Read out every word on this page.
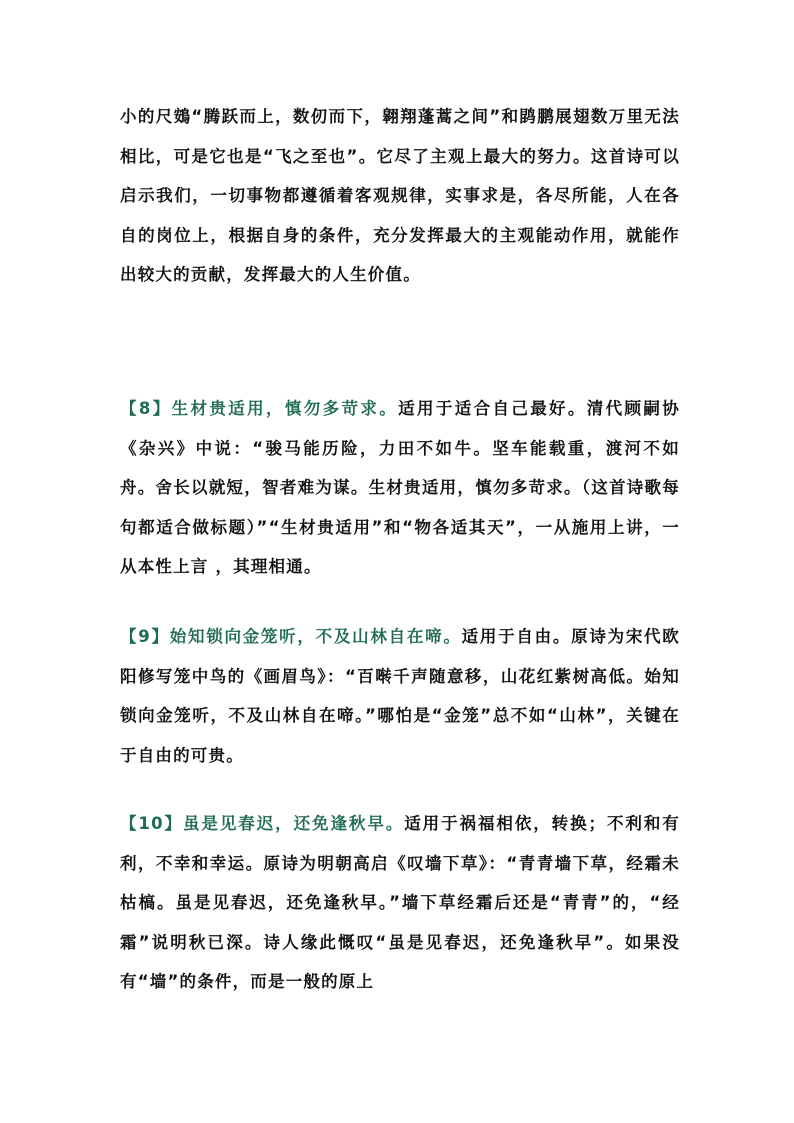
小的尺鴳“腾跃而上，数仞而下，翱翔蓬蒿之间”和鹍鹏展翅数万里无法相比，可是它也是“飞之至也”。它尽了主观上最大的努力。这首诗可以启示我们，一切事物都遵循着客观规律，实事求是，各尽所能，人在各自的岗位上，根据自身的条件，充分发挥最大的主观能动作用，就能作出较大的贡献，发挥最大的人生价值。

【8】生材贵适用，慎勿多苛求。适用于适合自己最好。清代顾嗣协《杂兴》中说：“骏马能历险，力田不如牛。坚车能载重，渡河不如舟。舍长以就短，智者难为谋。生材贵适用，慎勿多苛求。（这首诗歌每句都适合做标题）”“生材贵适用”和“物各适其天”，一从施用上讲，一从本性上言 ，其理相通。

【9】始知锁向金笼听，不及山林自在啼。适用于自由。原诗为宋代欧阳修写笼中鸟的《画眉鸟》：“百啭千声随意移，山花红紫树高低。始知锁向金笼听，不及山林自在啼。”哪怕是“金笼”总不如“山林”，关键在于自由的可贵。

【10】虽是见春迟，还免逢秋早。适用于祸福相依，转换；不利和有利，不幸和幸运。原诗为明朝高启《叹墙下草》：“青青墙下草，经霜未枯槁。虽是见春迟，还免逢秋早。”墙下草经霜后还是“青青”的，“经霜”说明秋已深。诗人缘此慨叹“虽是见春迟，还免逢秋早”。如果没有“墙”的条件，而是一般的原上
